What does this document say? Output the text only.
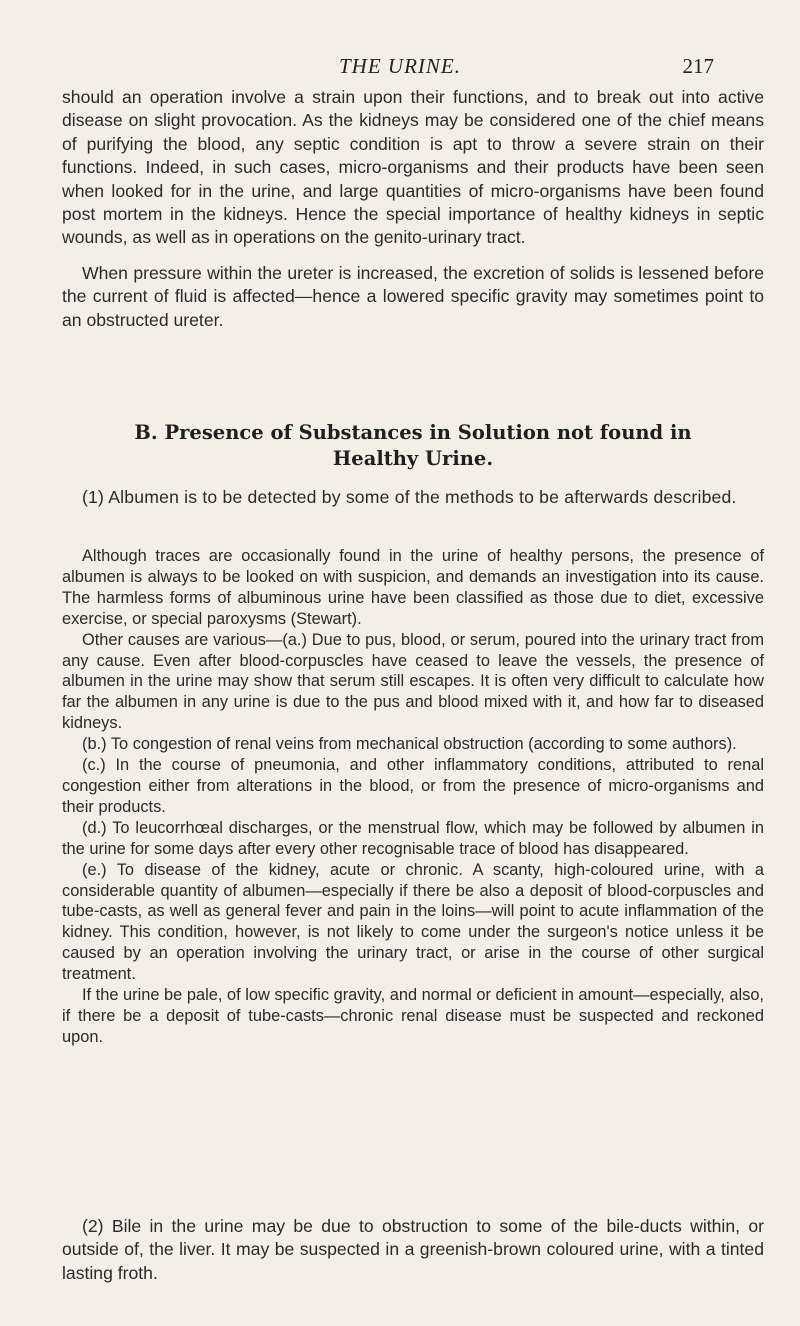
THE URINE.	217

should an operation involve a strain upon their functions, and to break out into active disease on slight provocation. As the kidneys may be considered one of the chief means of purifying the blood, any septic condition is apt to throw a severe strain on their functions. Indeed, in such cases, micro-organisms and their products have been seen when looked for in the urine, and large quantities of micro-organisms have been found post mortem in the kidneys. Hence the special importance of healthy kidneys in septic wounds, as well as in operations on the genito-urinary tract.

When pressure within the ureter is increased, the excretion of solids is lessened before the current of fluid is affected—hence a lowered specific gravity may sometimes point to an obstructed ureter.

B. Presence of Substances in Solution not found in
Healthy Urine.

(1) Albumen is to be detected by some of the methods to be afterwards described.

Although traces are occasionally found in the urine of healthy persons, the presence of albumen is always to be looked on with suspicion, and demands an investigation into its cause. The harmless forms of albuminous urine have been classified as those due to diet, excessive exercise, or special paroxysms (Stewart).

Other causes are various—(a.) Due to pus, blood, or serum, poured into the urinary tract from any cause. Even after blood-corpuscles have ceased to leave the vessels, the presence of albumen in the urine may show that serum still escapes. It is often very difficult to calculate how far the albumen in any urine is due to the pus and blood mixed with it, and how far to diseased kidneys.

(b.) To congestion of renal veins from mechanical obstruction (according to some authors).

(c.) In the course of pneumonia, and other inflammatory conditions, attributed to renal congestion either from alterations in the blood, or from the presence of micro-organisms and their products.

(d.) To leucorrhœal discharges, or the menstrual flow, which may be followed by albumen in the urine for some days after every other recognisable trace of blood has disappeared.

(e.) To disease of the kidney, acute or chronic. A scanty, high-coloured urine, with a considerable quantity of albumen—especially if there be also a deposit of blood-corpuscles and tube-casts, as well as general fever and pain in the loins—will point to acute inflammation of the kidney. This condition, however, is not likely to come under the surgeon's notice unless it be caused by an operation involving the urinary tract, or arise in the course of other surgical treatment.

If the urine be pale, of low specific gravity, and normal or deficient in amount—especially, also, if there be a deposit of tube-casts—chronic renal disease must be suspected and reckoned upon.

(2) Bile in the urine may be due to obstruction to some of the bile-ducts within, or outside of, the liver. It may be suspected in a greenish-brown coloured urine, with a tinted lasting froth.
